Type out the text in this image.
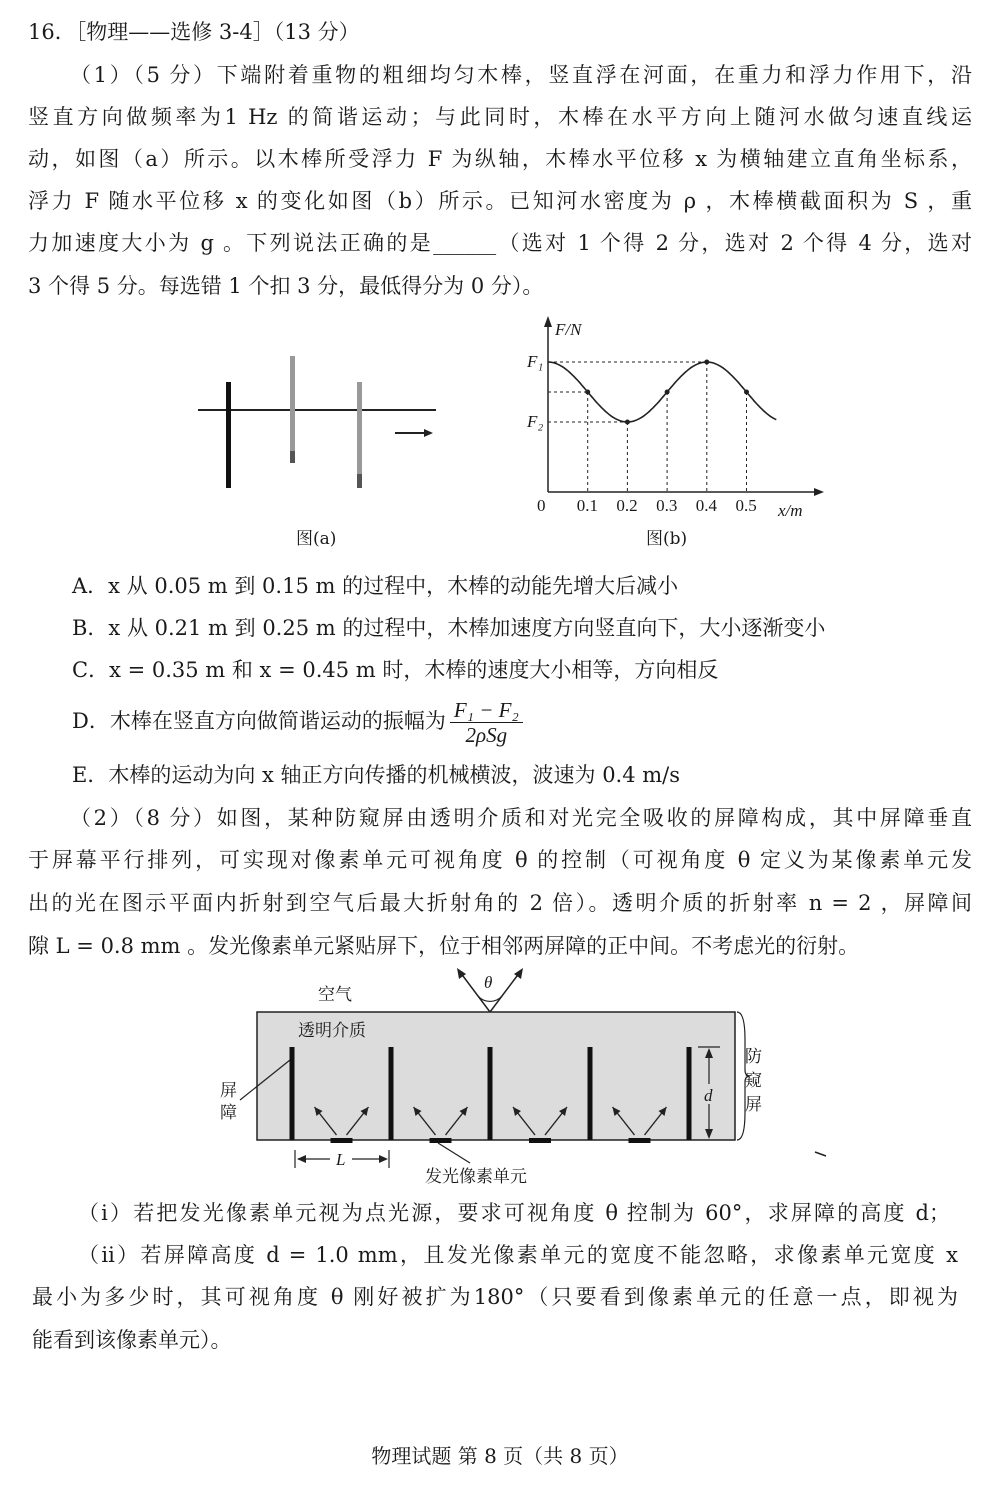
16．［物理——选修 3-4］（13 分）
（1）（5 分）下端附着重物的粗细均匀木棒，竖直浮在河面，在重力和浮力作用下，沿
竖直方向做频率为1 Hz 的简谐运动；与此同时，木棒在水平方向上随河水做匀速直线运
动，如图（a）所示。以木棒所受浮力 F 为纵轴，木棒水平位移 x 为横轴建立直角坐标系，
浮力 F 随水平位移 x 的变化如图（b）所示。已知河水密度为 ρ ，木棒横截面积为 S ，重
力加速度大小为 g 。下列说法正确的是______（选对 1 个得 2 分，选对 2 个得 4 分，选对
3 个得 5 分。每选错 1 个扣 3 分，最低得分为 0 分）。
图(a)
F/N
F₁
F₂
0	x/m
0.1 0.2 0.3 0.4 0.5
图(b)
θ
空气
透明介质
屏
障
d
防
窥
屏
L
发光像素单元
A．x 从 0.05 m 到 0.15 m 的过程中，木棒的动能先增大后减小
B．x 从 0.21 m 到 0.25 m 的过程中，木棒加速度方向竖直向下，大小逐渐变小
C．x = 0.35 m 和 x = 0.45 m 时，木棒的速度大小相等，方向相反
D．木棒在竖直方向做简谐运动的振幅为 $\frac{\text{F₁ − F₂}}{\text{2ρSg}}$
E．木棒的运动为向 x 轴正方向传播的机械横波，波速为 0.4 m/s
（2）（8 分）如图，某种防窥屏由透明介质和对光完全吸收的屏障构成，其中屏障垂直
于屏幕平行排列，可实现对像素单元可视角度 θ 的控制（可视角度 θ 定义为某像素单元发
出的光在图示平面内折射到空气后最大折射角的 2 倍）。透明介质的折射率 n = 2 ，屏障间
隙 L = 0.8 mm 。发光像素单元紧贴屏下，位于相邻两屏障的正中间。不考虑光的衍射。
（i）若把发光像素单元视为点光源，要求可视角度 θ 控制为 60°，求屏障的高度 d；
（ii）若屏障高度 d = 1.0 mm，且发光像素单元的宽度不能忽略，求像素单元宽度 x
最小为多少时，其可视角度 θ 刚好被扩为180°（只要看到像素单元的任意一点，即视为
能看到该像素单元）。
物理试题 第 8 页（共 8 页）
